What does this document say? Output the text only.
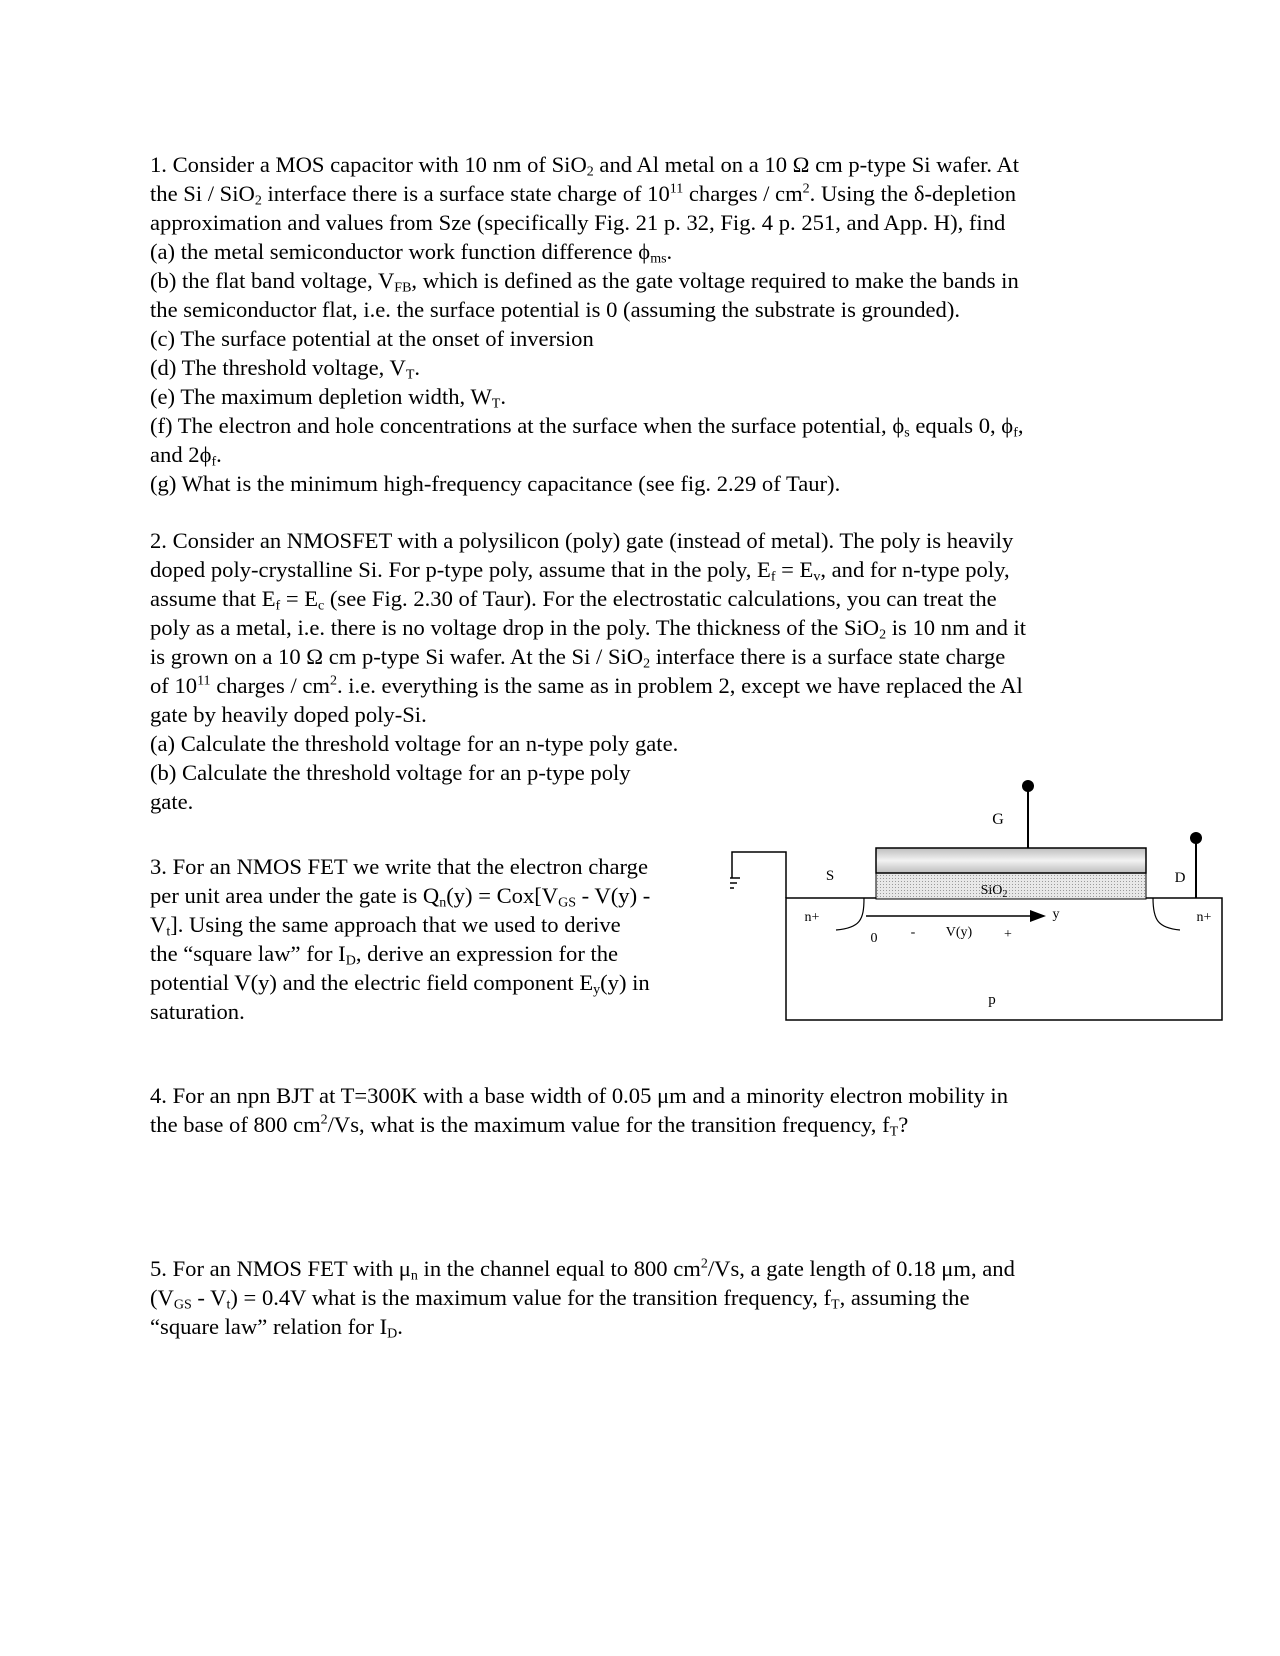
1. Consider a MOS capacitor with 10 nm of SiO$_2$ and Al metal on a 10 Ω cm p-type Si wafer. At
the Si / SiO$_2$ interface there is a surface state charge of $10^{11}$ charges / $cm^2$. Using the δ-depletion
approximation and values from Sze (specifically Fig. 21 p. 32, Fig. 4 p. 251, and App. H), find
(a) the metal semiconductor work function difference $\phi_{ms}$.
(b) the flat band voltage, $V_{FB}$, which is defined as the gate voltage required to make the bands in
the semiconductor flat, i.e. the surface potential is 0 (assuming the substrate is grounded).
(c) The surface potential at the onset of inversion
(d) The threshold voltage, $V_T$.
(e) The maximum depletion width, $W_T$.
(f) The electron and hole concentrations at the surface when the surface potential, $\phi_s$ equals 0, $\phi_f$,
and $2\phi_f$.
(g) What is the minimum high-frequency capacitance (see fig. 2.29 of Taur).
2. Consider an NMOSFET with a polysilicon (poly) gate (instead of metal). The poly is heavily
doped poly-crystalline Si. For p-type poly, assume that in the poly, $E_f = E_v$, and for n-type poly,
assume that $E_f = E_c$ (see Fig. 2.30 of Taur). For the electrostatic calculations, you can treat the
poly as a metal, i.e. there is no voltage drop in the poly. The thickness of the SiO$_2$ is 10 nm and it
is grown on a 10 Ω cm p-type Si wafer. At the Si / SiO$_2$ interface there is a surface state charge
of $10^{11}$ charges / $cm^2$. i.e. everything is the same as in problem 2, except we have replaced the Al
gate by heavily doped poly-Si.
(a) Calculate the threshold voltage for an n-type poly gate.
(b) Calculate the threshold voltage for an p-type poly
gate.
3. For an NMOS FET we write that the electron charge
per unit area under the gate is $Q_n(y) = Cox[V_{GS} - V(y)$ -
$V_t$]. Using the same approach that we used to derive
the “square law” for $I_D$, derive an expression for the
potential V(y) and the electric field component $E_y(y)$ in
saturation.
G
D
S
n+	n+
y
0 - V(y) +
SiO$_2$
p
4. For an npn BJT at T=300K with a base width of 0.05 μm and a minority electron mobility in
the base of 800 $cm^2/Vs$, what is the maximum value for the transition frequency, $f_T$?
5. For an NMOS FET with $\mu_n$ in the channel equal to 800 $cm^2/Vs$, a gate length of 0.18 μm, and
$(V_{GS} - V_t) = 0.4V$ what is the maximum value for the transition frequency, $f_T$, assuming the
“square law” relation for $I_D$.
